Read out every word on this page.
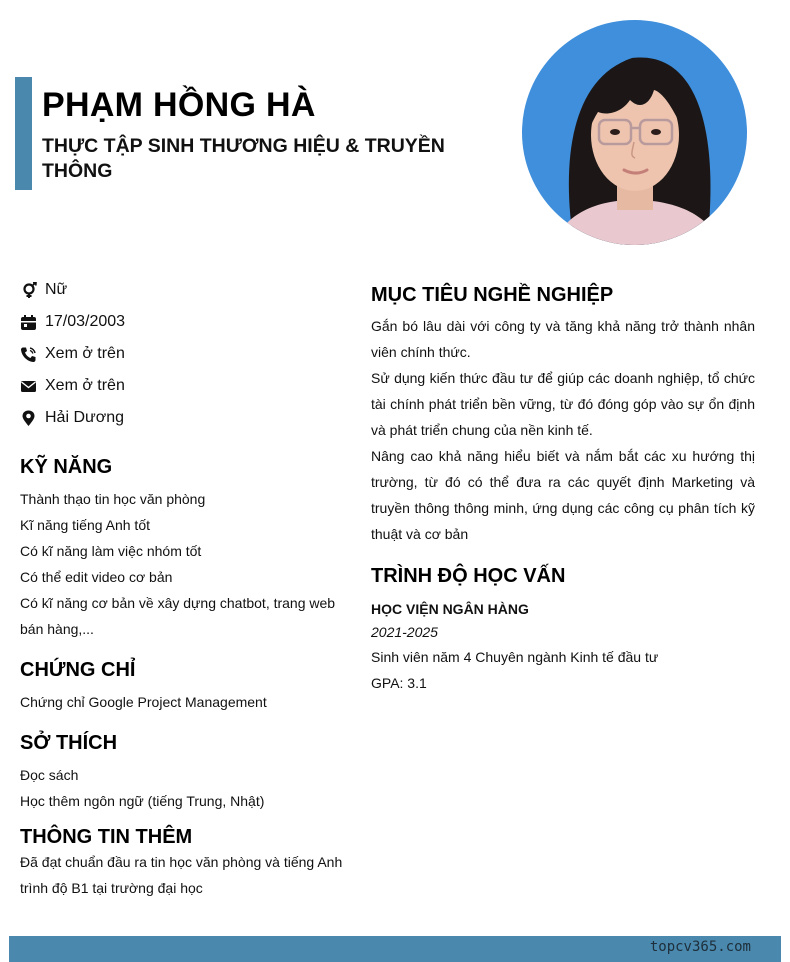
PHẠM HỒNG HÀ
THỰC TẬP SINH THƯƠNG HIỆU & TRUYỀN THÔNG
Nữ
17/03/2003
Xem ở trên
Xem ở trên
Hải Dương
KỸ NĂNG
Thành thạo tin học văn phòng
Kĩ năng tiếng Anh tốt
Có kĩ năng làm việc nhóm tốt
Có thể edit video cơ bản
Có kĩ năng cơ bản về xây dựng chatbot, trang web bán hàng,...
CHỨNG CHỈ
Chứng chỉ Google Project Management
SỞ THÍCH
Đọc sách
Học thêm ngôn ngữ (tiếng Trung, Nhật)
THÔNG TIN THÊM
Đã đạt chuẩn đầu ra tin học văn phòng và tiếng Anh trình độ B1 tại trường đại học
MỤC TIÊU NGHỀ NGHIỆP
Gắn bó lâu dài với công ty và tăng khả năng trở thành nhân viên chính thức.
Sử dụng kiến thức đầu tư để giúp các doanh nghiệp, tổ chức tài chính phát triển bền vững, từ đó đóng góp vào sự ổn định và phát triển chung của nền kinh tế.
Nâng cao khả năng hiểu biết và nắm bắt các xu hướng thị trường, từ đó có thể đưa ra các quyết định Marketing và truyền thông thông minh, ứng dụng các công cụ phân tích kỹ thuật và cơ bản
TRÌNH ĐỘ HỌC VẤN
HỌC VIỆN NGÂN HÀNG
2021-2025
Sinh viên năm 4 Chuyên ngành Kinh tế đầu tư
GPA: 3.1
topcv365.com
